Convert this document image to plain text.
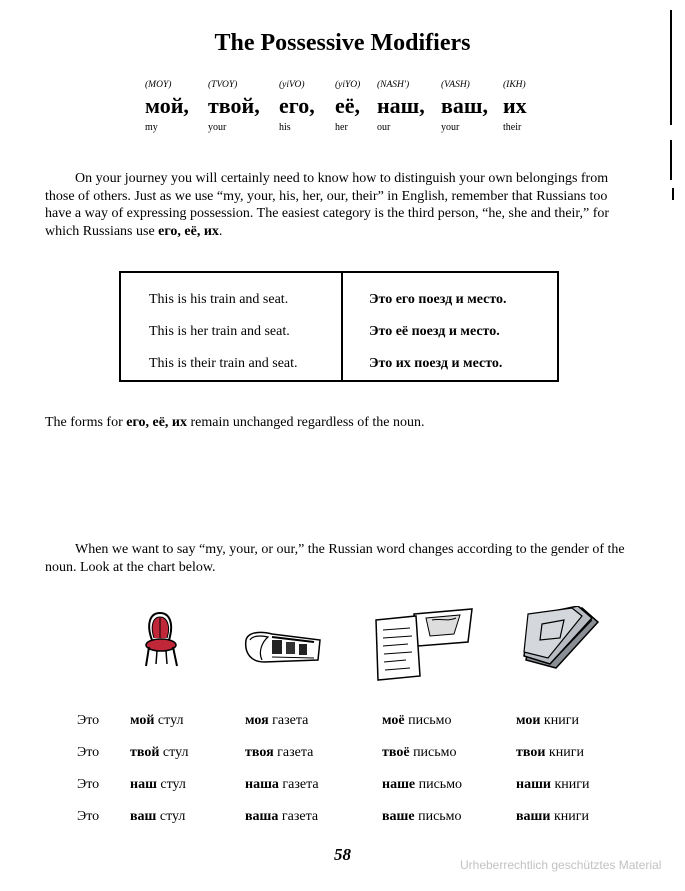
The Possessive Modifiers
(MOY)	(TVOY)	(yiVO)	(yiYO) (NASH')	(VASH)	(IKH)
мой, твой, его, её, наш, ваш, их
my	your	his	her	our	your	their

On your journey you will certainly need to know how to distinguish your own belongings from those of others. Just as we use “my, your, his, her, our, their” in English, remember that Russians too have a way of expressing possession. The easiest category is the third person, “he, she and their,” for which Russians use его, её, их.

This is his train and seat.	Это его поезд и место.
This is her train and seat.	Это её поезд и место.
This is their train and seat.	Это их поезд и место.
The forms for его, её, их remain unchanged regardless of the noun.

When we want to say “my, your, or our,” the Russian word changes according to the gender of the noun. Look at the chart below.

Это мой стул	моя газета	моё письмо	мои книги
Это твой стул	твоя газета	твоё письмо	твои книги
Это наш стул	наша газета	наше письмо	наши книги
Это ваш стул	ваша газета	ваше письмо	ваши книги
58
Urheberrechtlich geschütztes Material
